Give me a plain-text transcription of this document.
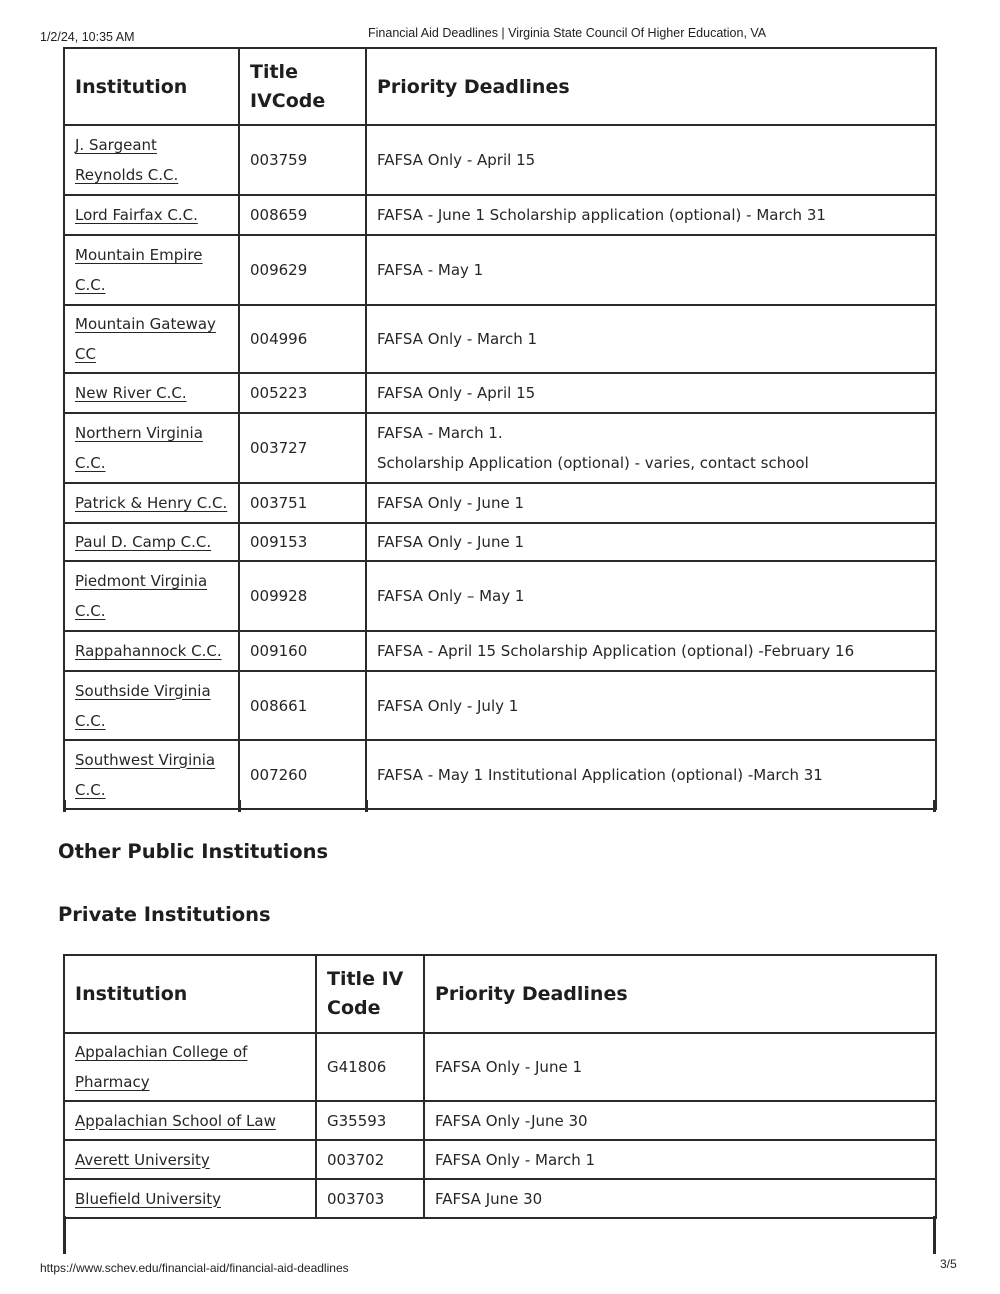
1/2/24, 10:35 AM	Financial Aid Deadlines | Virginia State Council Of Higher Education, VA
Institution	Title IVCode	Priority Deadlines
J. Sargeant Reynolds C.C.	003759	FAFSA Only - April 15
Lord Fairfax C.C.	008659	FAFSA - June 1 Scholarship application (optional) - March 31
Mountain Empire C.C.	009629	FAFSA - May 1
Mountain Gateway CC	004996	FAFSA Only - March 1
New River C.C.	005223	FAFSA Only - April 15
Northern Virginia C.C.	003727	FAFSA - March 1.
Scholarship Application (optional) - varies, contact school

Patrick & Henry C.C.	003751	FAFSA Only - June 1
Paul D. Camp C.C.	009153	FAFSA Only - June 1
Piedmont Virginia C.C.	009928	FAFSA Only – May 1
Rappahannock C.C.	009160	FAFSA - April 15 Scholarship Application (optional) -February 16
Southside Virginia C.C.	008661	FAFSA Only - July 1
Southwest Virginia C.C.	007260	FAFSA - May 1 Institutional Application (optional) -March 31
Other Public Institutions
Private Institutions
Institution	Title IV Code	Priority Deadlines
Appalachian College of Pharmacy	G41806	FAFSA Only - June 1
Appalachian School of Law	G35593	FAFSA Only -June 30
Averett University	003702	FAFSA Only - March 1
Bluefield University	003703	FAFSA June 30
https://www.schev.edu/financial-aid/financial-aid-deadlines	3/5
